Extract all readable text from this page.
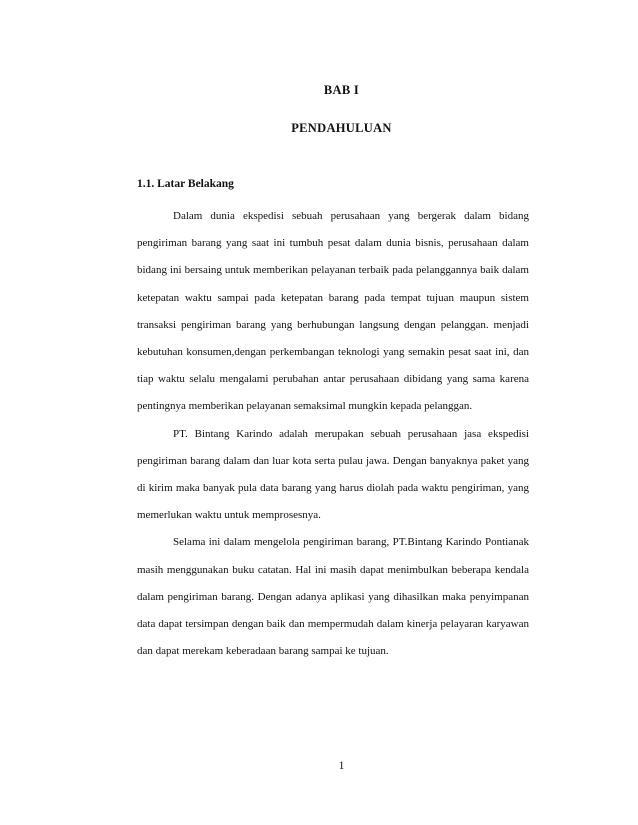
BAB I
PENDAHULUAN
1.1. Latar Belakang

Dalam dunia ekspedisi sebuah perusahaan yang bergerak dalam bidang pengiriman barang yang saat ini tumbuh pesat dalam dunia bisnis, perusahaan dalam bidang ini bersaing untuk memberikan pelayanan terbaik pada pelanggannya baik dalam ketepatan waktu sampai pada ketepatan barang pada tempat tujuan maupun sistem transaksi pengiriman barang yang berhubungan langsung dengan pelanggan. menjadi kebutuhan konsumen,dengan perkembangan teknologi yang semakin pesat saat ini, dan tiap waktu selalu mengalami perubahan antar perusahaan dibidang yang sama karena pentingnya memberikan pelayanan semaksimal mungkin kepada pelanggan.

PT. Bintang Karindo adalah merupakan sebuah perusahaan jasa ekspedisi pengiriman barang dalam dan luar kota serta pulau jawa. Dengan banyaknya paket yang di kirim maka banyak pula data barang yang harus diolah pada waktu pengiriman, yang memerlukan waktu untuk memprosesnya.

Selama ini dalam mengelola pengiriman barang, PT.Bintang Karindo Pontianak masih menggunakan buku catatan. Hal ini masih dapat menimbulkan beberapa kendala dalam pengiriman barang. Dengan adanya aplikasi yang dihasilkan maka penyimpanan data dapat tersimpan dengan baik dan mempermudah dalam kinerja pelayaran karyawan dan dapat merekam keberadaan barang sampai ke tujuan.

1
